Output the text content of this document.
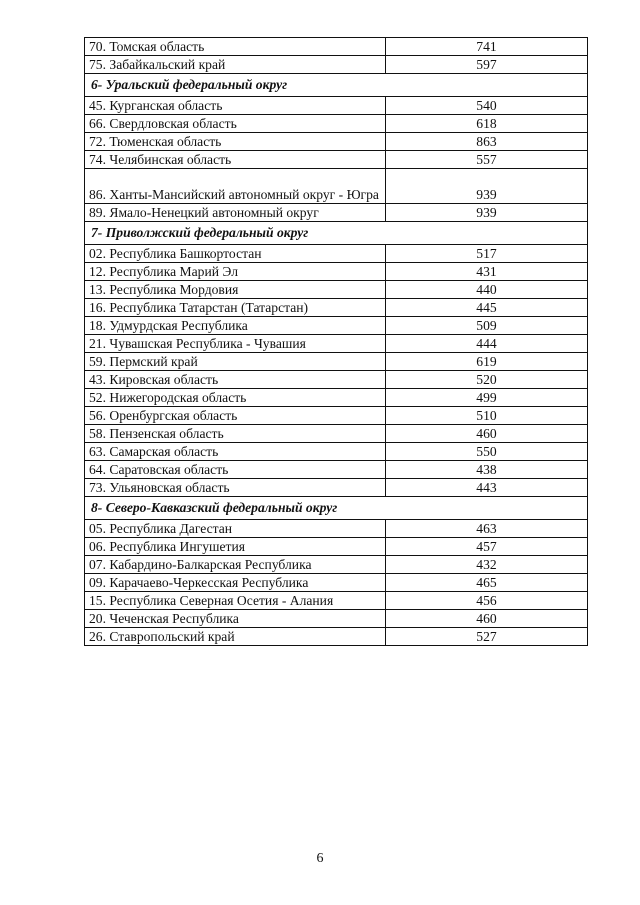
70. Томская область	741
75. Забайкальский край	597
6- Уральский федеральный округ	
45. Курганская область	540
66. Свердловская область	618
72. Тюменская область	863
74. Челябинская область	557
86. Ханты-Мансийский автономный округ - Югра	939
89. Ямало-Ненецкий автономный округ	939
7- Приволжский федеральный округ	
02. Республика Башкортостан	517
12. Республика Марий Эл	431
13. Республика Мордовия	440
16. Республика Татарстан (Татарстан)	445
18. Удмурдская Республика	509
21. Чувашская Республика - Чувашия	444
59. Пермский край	619
43. Кировская область	520
52. Нижегородская область	499
56. Оренбургская область	510
58. Пензенская область	460
63. Самарская область	550
64. Саратовская область	438
73. Ульяновская область	443
8- Северо-Кавказский федеральный округ	
05. Республика Дагестан	463
06. Республика Ингушетия	457
07. Кабардино-Балкарская Республика	432
09. Карачаево-Черкесская Республика	465
15. Республика Северная Осетия - Алания	456
20. Чеченская Республика	460
26. Ставропольский край	527
6
